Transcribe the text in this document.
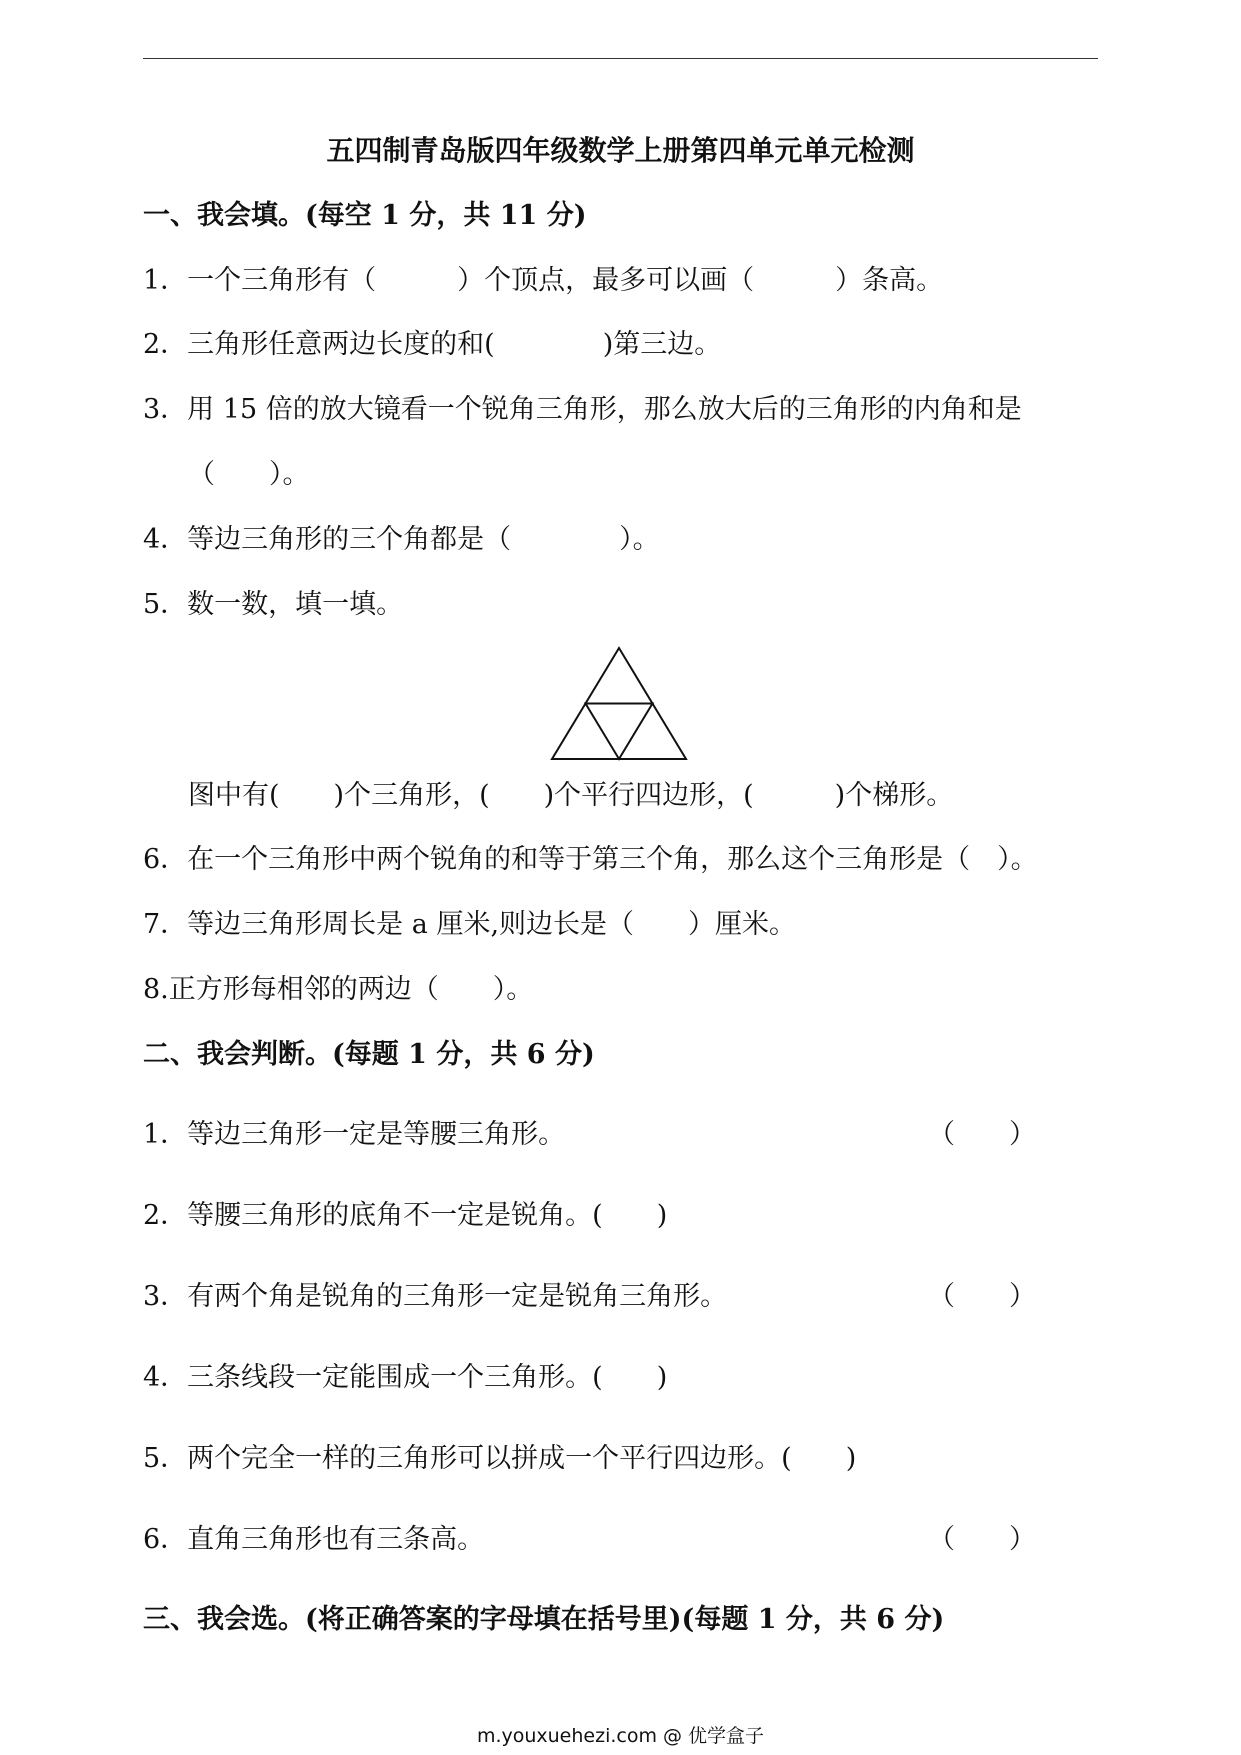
五四制青岛版四年级数学上册第四单元单元检测
一、我会填。(每空 1 分，共 11 分)
1．一个三角形有（　　　）个顶点，最多可以画（　　　）条高。
2．三角形任意两边长度的和(　　　　)第三边。
3．用 15 倍的放大镜看一个锐角三角形，那么放大后的三角形的内角和是
（　　）。
4．等边三角形的三个角都是（　　　　）。
5．数一数，填一填。
图中有(　　)个三角形，(　　)个平行四边形，(　　　)个梯形。
6．在一个三角形中两个锐角的和等于第三个角，那么这个三角形是（　）。
7．等边三角形周长是 a 厘米,则边长是（　　）厘米。
8.正方形每相邻的两边（　　）。
二、我会判断。(每题 1 分，共 6 分)
1．等边三角形一定是等腰三角形。	（　　）
2．等腰三角形的底角不一定是锐角。(　　)
3．有两个角是锐角的三角形一定是锐角三角形。	（　　）
4．三条线段一定能围成一个三角形。(　　)
5．两个完全一样的三角形可以拼成一个平行四边形。(　　)
6．直角三角形也有三条高。	（　　）
三、我会选。(将正确答案的字母填在括号里)(每题 1 分，共 6 分)
m.youxuehezi.com @ 优学盒子
